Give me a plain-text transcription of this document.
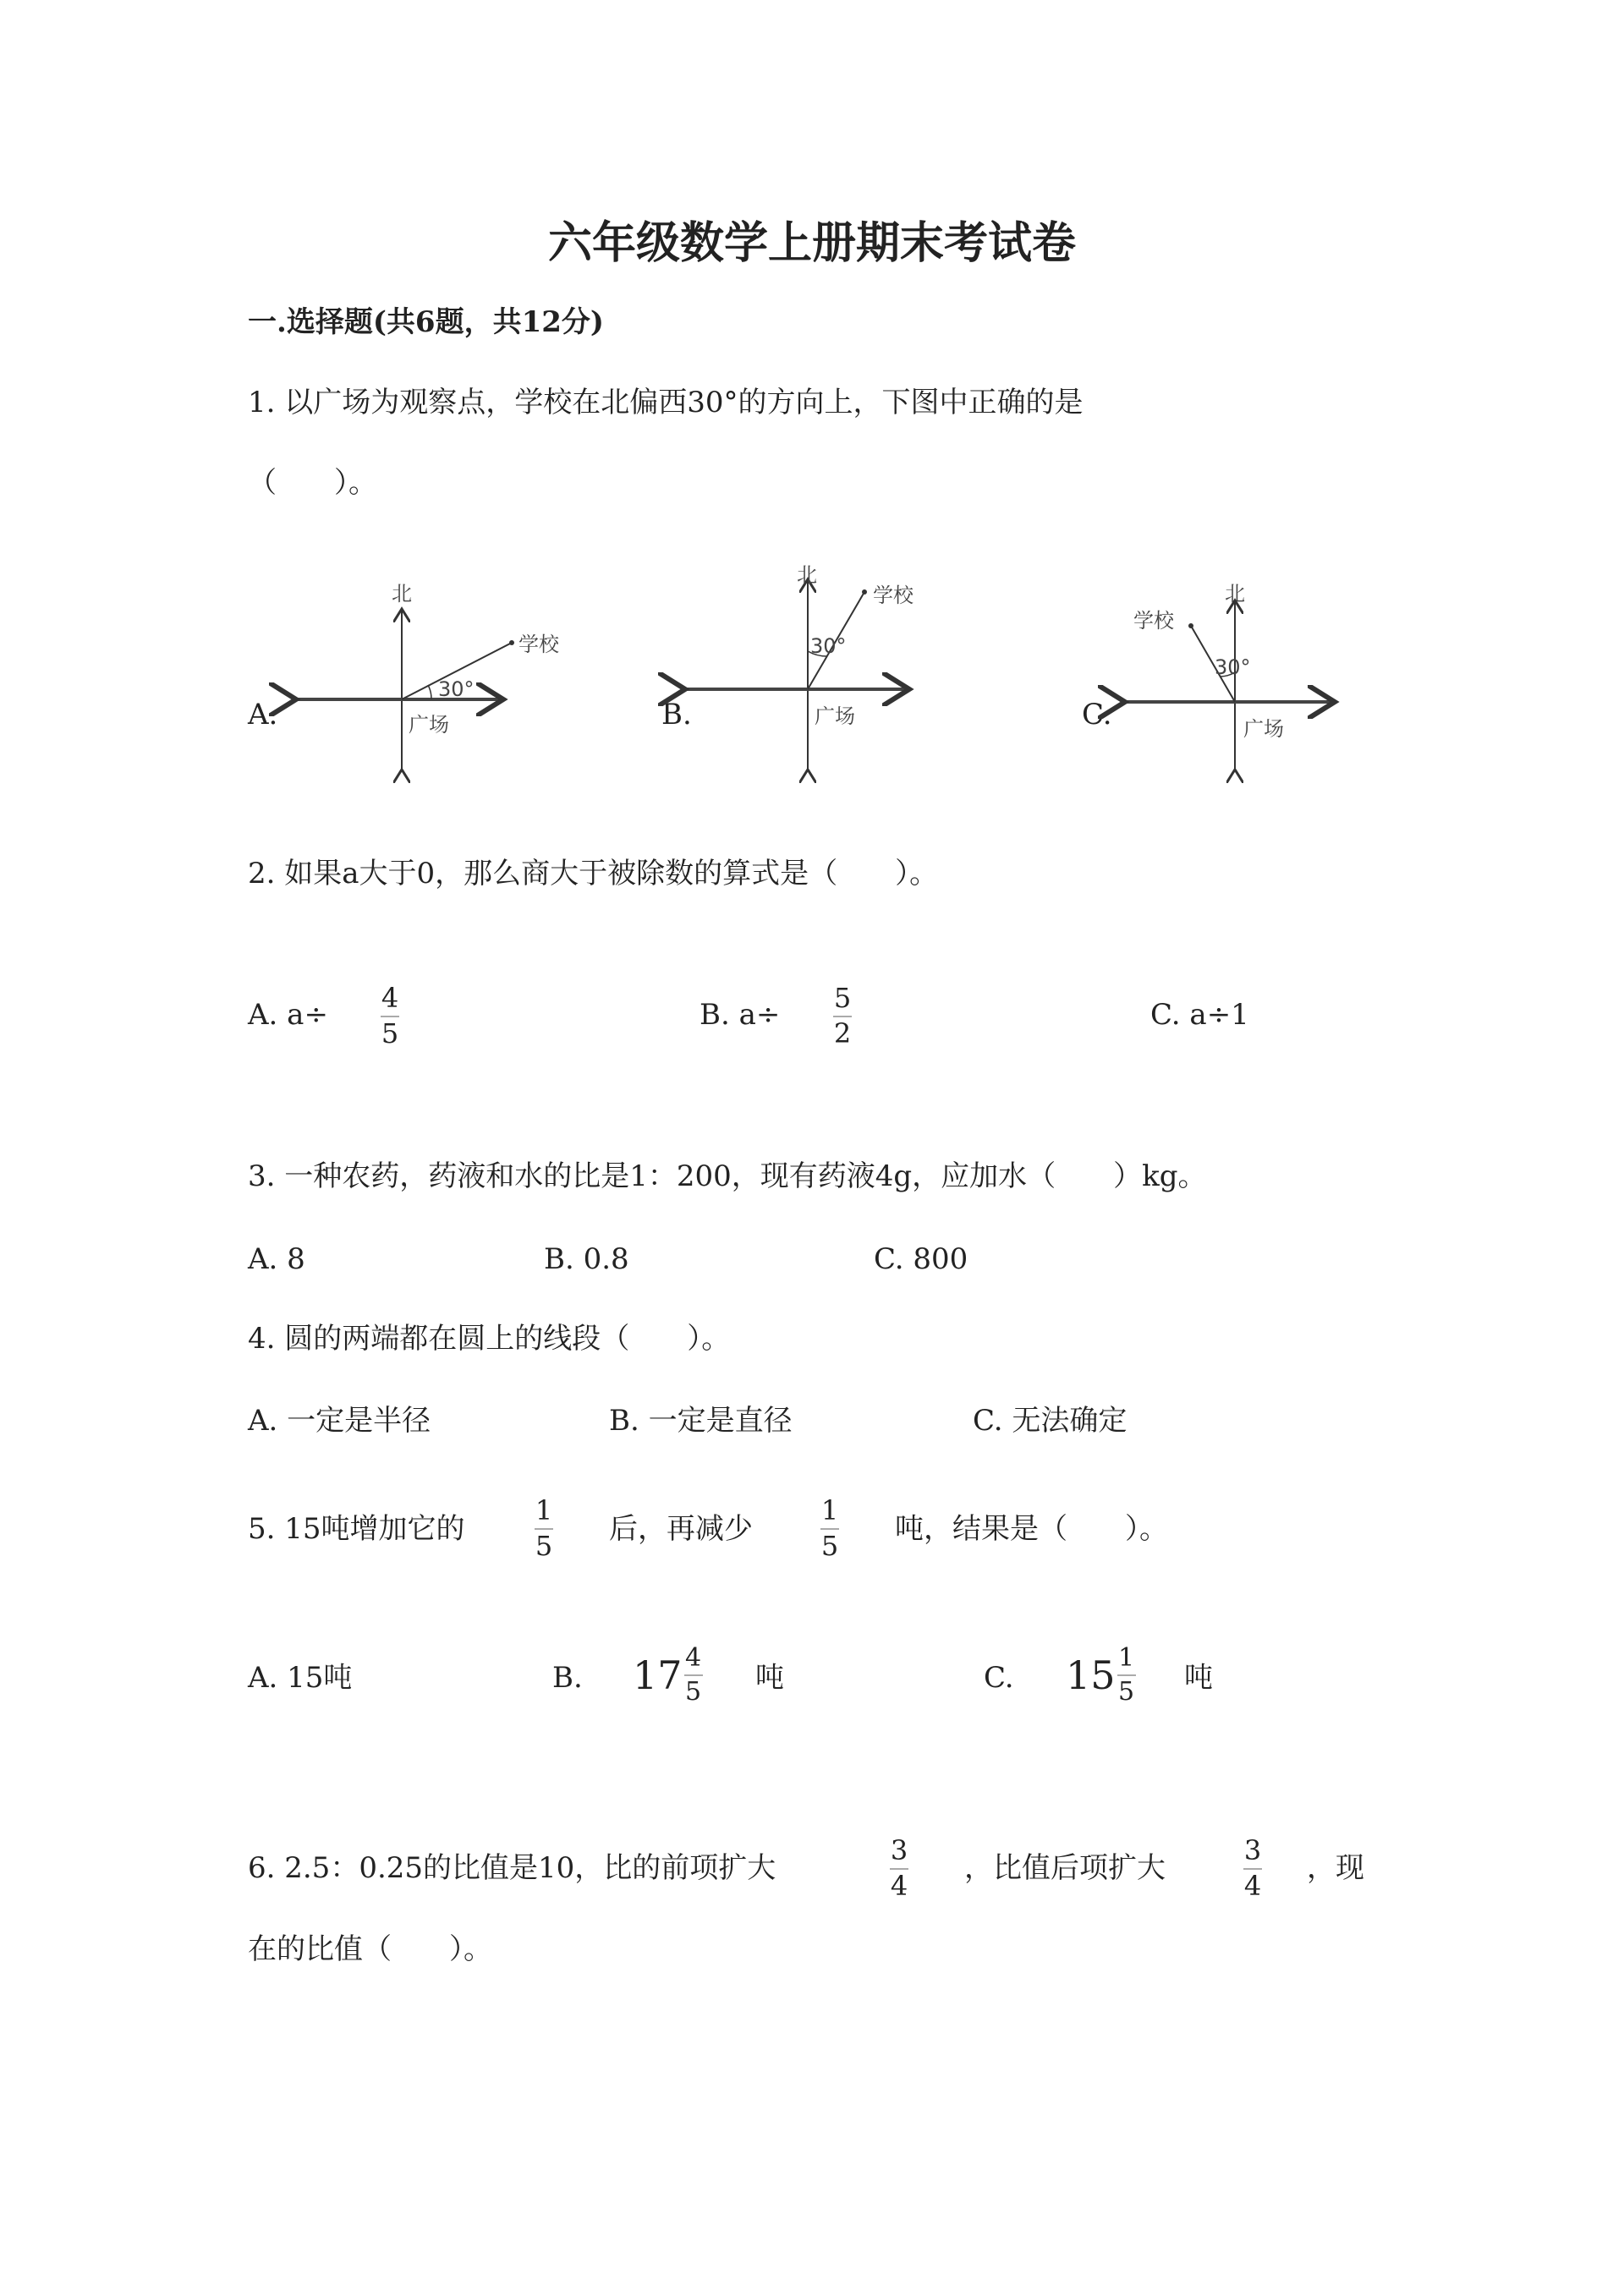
六年级数学上册期末考试卷
一.选择题(共6题，共12分)
1. 以广场为观察点，学校在北偏西30°的方向上，下图中正确的是
（　　）。
A.
北
学校
30°
广场	B.
北
学校
30°
广场	C.
北
学校
30°
广场
2. 如果a大于0，那么商大于被除数的算式是（　　）。
A. a÷ 4
5
B. a÷ 5
2
C. a÷1
3. 一种农药，药液和水的比是1：200，现有药液4g，应加水（　　）kg。
A. 8	B. 0.8	C. 800
4. 圆的两端都在圆上的线段（　　）。
A. 一定是半径	B. 一定是直径	C. 无法确定
5. 15吨增加它的
1
5 后，再减少
1
5 吨，结果是（　　）。
A. 15吨	B. $17 \frac{4}{5}$ 吨	C. $15 \frac{1}{5}$ 吨
6. 2.5：0.25的比值是10，比的前项扩大
3
4
，比值后项扩大
3
4
，现
在的比值（　　）。
